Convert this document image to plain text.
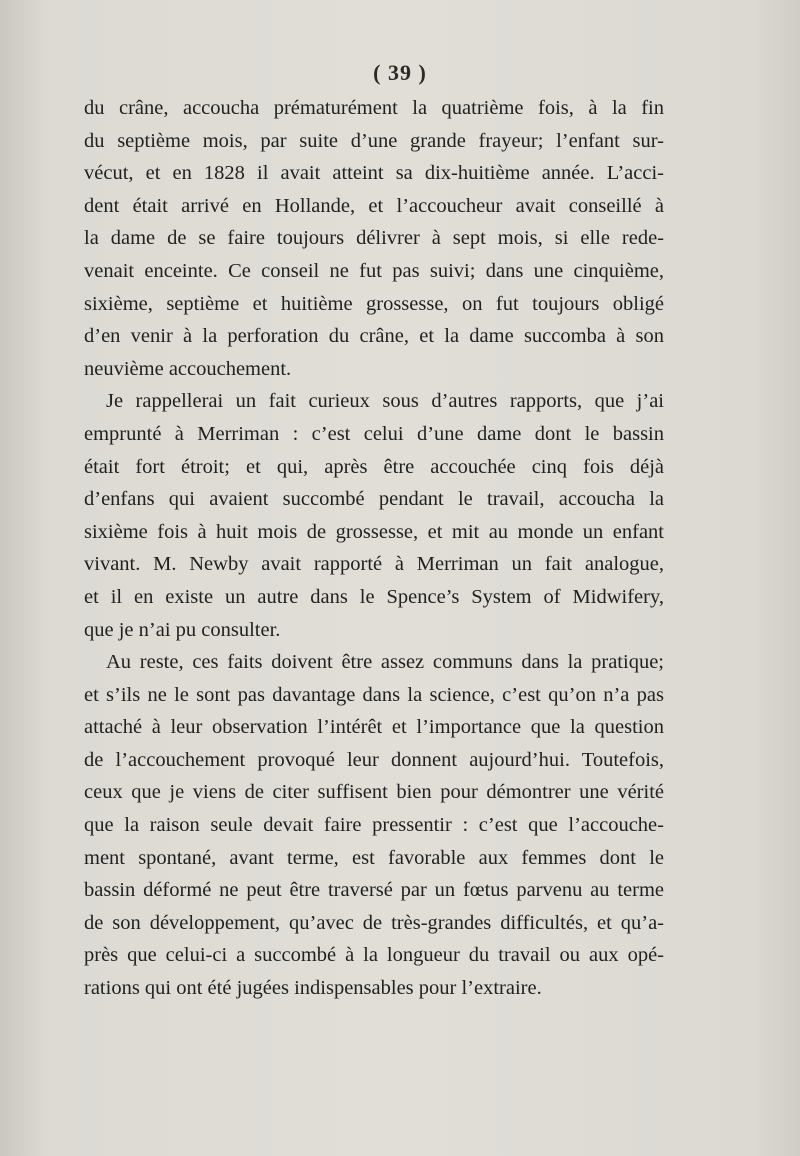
( 39 )
du crâne, accoucha prématurément la quatrième fois, à la fin
du septième mois, par suite d’une grande frayeur; l’enfant sur-
vécut, et en 1828 il avait atteint sa dix-huitième année. L’acci-
dent était arrivé en Hollande, et l’accoucheur avait conseillé à
la dame de se faire toujours délivrer à sept mois, si elle rede-
venait enceinte. Ce conseil ne fut pas suivi; dans une cinquième,
sixième, septième et huitième grossesse, on fut toujours obligé
d’en venir à la perforation du crâne, et la dame succomba à son
neuvième accouchement.
Je rappellerai un fait curieux sous d’autres rapports, que j’ai
emprunté à Merriman : c’est celui d’une dame dont le bassin
était fort étroit; et qui, après être accouchée cinq fois déjà
d’enfans qui avaient succombé pendant le travail, accoucha la
sixième fois à huit mois de grossesse, et mit au monde un enfant
vivant. M. Newby avait rapporté à Merriman un fait analogue,
et il en existe un autre dans le Spence’s System of Midwifery,
que je n’ai pu consulter.
Au reste, ces faits doivent être assez communs dans la pratique;
et s’ils ne le sont pas davantage dans la science, c’est qu’on n’a pas
attaché à leur observation l’intérêt et l’importance que la question
de l’accouchement provoqué leur donnent aujourd’hui. Toutefois,
ceux que je viens de citer suffisent bien pour démontrer une vérité
que la raison seule devait faire pressentir : c’est que l’accouche-
ment spontané, avant terme, est favorable aux femmes dont le
bassin déformé ne peut être traversé par un fœtus parvenu au terme
de son développement, qu’avec de très-grandes difficultés, et qu’a-
près que celui-ci a succombé à la longueur du travail ou aux opé-
rations qui ont été jugées indispensables pour l’extraire.
